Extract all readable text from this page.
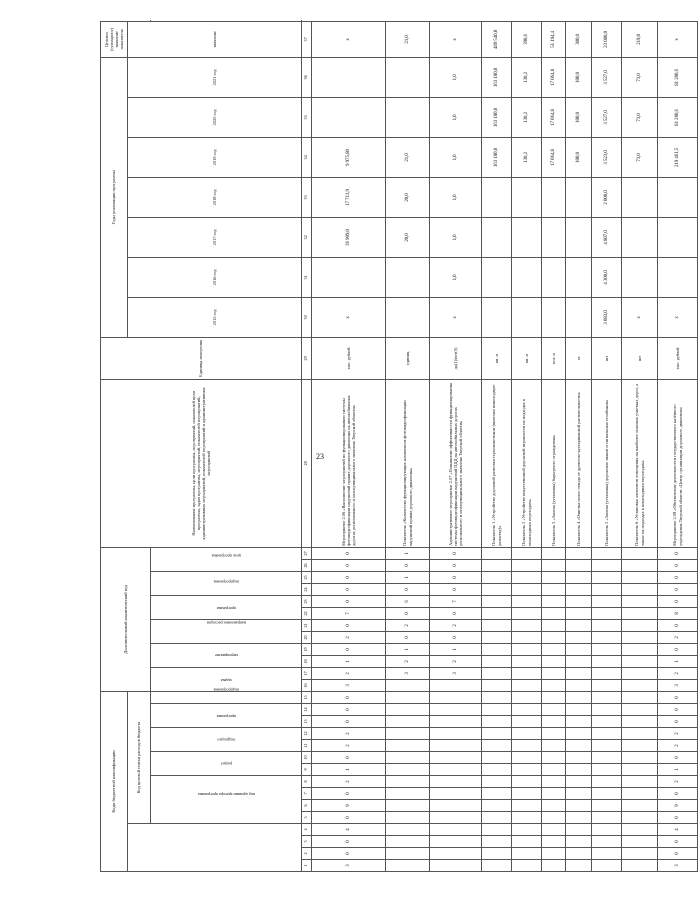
23
Коды бюджетной классификации															Дополнительный аналитический код												Наименование программы, цели программы, мероприятий, показателей цели программы, задач программы, мероприятий, показателей мероприятий, административных мероприятий, показателей мероприятий и административных мероприятий	Единица измерения	Годы реализации программы							Целевое (суммарное) значение показателя	
				Код целевой статьи расходов бюджета																									2015 год	2016 год	2017 год	2018 год	2019 год	2020 год	2021 год	значение	
				код администратора программы				раздел		подраздел		программа		подпрограмма	задача		мероприятие		направление расходов		программа		подпрограмма		цель программы				
1	2	3	4	5	6	7	8	9	10	11	12	13	14	15	16	17	18	19	20	21	22	23	24	25	26	27	28	29	30	31	32	33	34	35	36	37	
3	0	0	4	0	9	0	2	1	0	2	2	0	0	0	3	2	1	0	2	0	7	0	0	0	0	0	Мероприятие 2.06 «Выполнение мероприятий по функционированию системы фотовидеофиксации нарушений правил дорожного движения на автомобильных дорогах регионального и межмуниципального значения Тверской области»	тыс. рублей	х		36 909,0	17 713,9	9 975,80			х	
																3	2	1	0	2	0	6	0	1	0	1	Показатель «Количество функционирующих комплексов фотовидеофиксации нарушений правил дорожного движения»	единиц			20,0	20,0	21,0			21,0	
																3	2	1	0	2	0	7	0	0	0	0	Административное мероприятие 2.07 «Повышение эффективности функционирования системы фотовидеофиксации нарушений ПДД на автомобильных дорогах регионального и межмуниципального значения Тверской области»	да(1)/нет(0)	х	1,0	1,0	1,0	1,0	1,0	1,0	х	
																											Показатель 1 «Устройство дорожной разметки термопластиком (включая пешеходную разметку)»	кв. м					163 180,0	163 180,0	163 180,0	489 540,0	
																											Показатель 2 «Устройство искусственной дорожной неровности на подходах к пешеходным переходам»	кв. м					130,2	130,2	130,2	390,6	
																											Показатель 3 «Замена (установка) барьерного ограждения»	пог. м					17 064,8	17 064,8	17 064,8	51 194,4	
																											Показатель 4 «Очистка полос отвода от древесно-кустарниковой растительности»	га					100,0	100,0	100,0	300,0	
																											Показатель 5 «Замена (установка) дорожных знаков и сигнальных столбиков»	шт	3 083,0	4 300,0	4 807,0	2 000,0	3 523,0	3 527,0	3 527,0	23 088,0	
																											Показатель 6 «Установка элементов освещения на наиболее опасных участках дорог, а также на подходах к пешеходным переходам»	шт	х				73,0	73,0	73,0	219,0	
3	0	0	4	0	9	0	2	1	0	2	2	0	0	0	3	2	1	0	2	0	8	0	0	0	0	0	Мероприятие 2.08 «Обеспечение деятельности государственного казённого учреждения Тверской области «Центр организации дорожного движения»	тыс. рублей	х				219 461,5	81 280,6	81 280,6	х	
